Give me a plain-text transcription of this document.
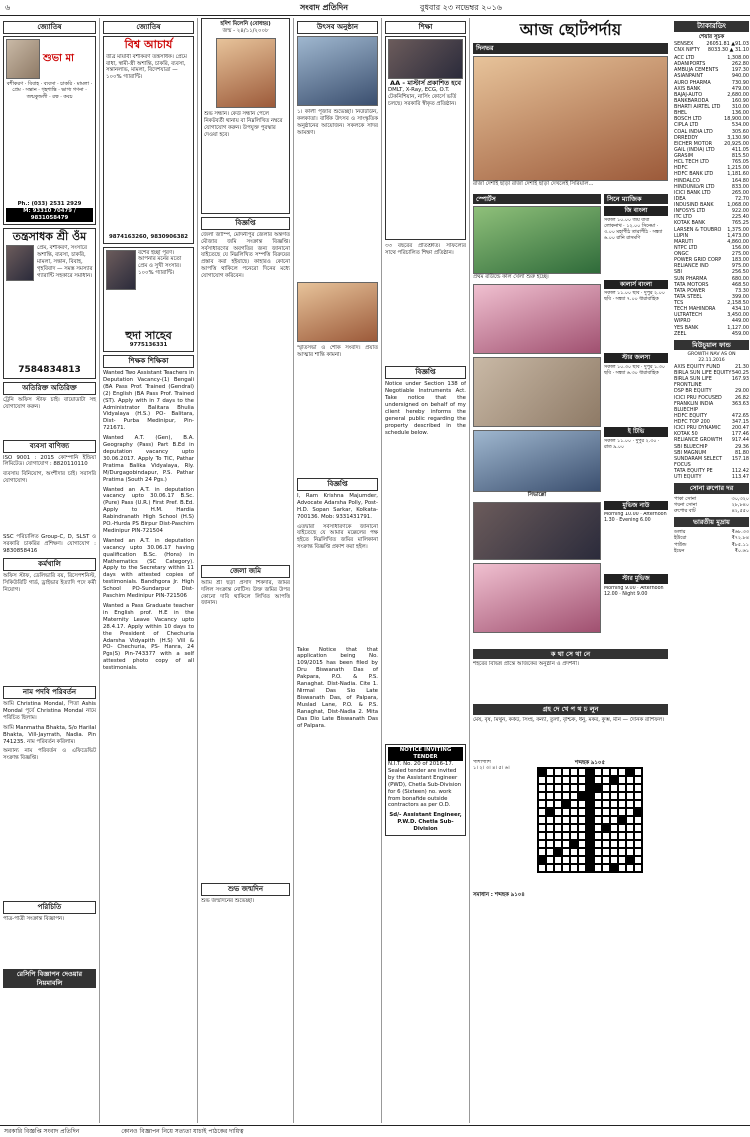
৬	সংবাদ প্রতিদিন	বুধবার ২৩ নভেম্বর ২০১৬
জ্যোতিষ
শুভা মা
বশীকরণ · বিবাহ · ব্যবসা · চাকরি · মামলা · প্রেম · সন্তান · গৃহশান্তি · ভাগ্য গণনা · জন্মকুন্ডলী · রত্ন · কবচ
Ph.: (033) 2531 2929
M: 93310 70479 / 9831058479
তন্ত্রসাধক শ্রী ওঁম
প্রেম, বশীকরণ, সংসারে অশান্তি, ব্যবসা, চাকরি, মামলা, সন্তান, বিবাহ, গৃহবিবাদ — সমস্ত সমস্যার গ্যারান্টি সহকারে সমাধান।
7584834813
অতিরিক্ত অতিরিক্ত
ট্রেনি অফিস স্টাফ চাই। বায়োডাটা সহ যোগাযোগ করুন।
ব্যবসা বাণিজ্য
ISO 9001 : 2015 কোম্পানি ইন্ডিয়া লিমিটেড। যোগাযোগ : 8820110110
ব্যবসায় বিনিয়োগ, অংশীদার চাই। সরাসরি যোগাযোগ।
SSC পরিচালিত Group-C, D, SLST ও সরকারি চাকরির প্রশিক্ষণ। যোগাযোগ : 9830858416
কর্মখালি
অফিস স্টাফ, ডেলিভারি বয়, রিসেপশনিস্ট, সিকিউরিটি গার্ড, ড্রাইভার ইত্যাদি পদে কর্মী নিয়োগ।
নাম পদবি পরিবর্তন
আমি Christina Mondal, পিতা Ashis Mondal পূর্বে Christina Mondal নামে পরিচিত ছিলাম।
আমি Manmatha Bhakta, S/o Harilal Bhakta, Vill-Jayrrath, Nadia. Pin 741235. নাম পরিবর্তন করিলাম।
অন্যান্য নাম পরিবর্তন ও এফিডেভিট সংক্রান্ত বিজ্ঞপ্তি।
পরিচিতি
পাত্র-পাত্রী সংক্রান্ত বিজ্ঞাপন।
রেসিপি বিজ্ঞাপন দেওয়ার নিয়মাবলি
জ্যোতিষ
বিশ্ব আচার্য
তীব্র মায়াবী বশীকরণ তন্ত্রসাধক। প্রেমে বাধা, স্বামী-স্ত্রী অশান্তি, চাকরি, ব্যবসা, সন্তানলাভ, মামলা, বিদেশযাত্রা — ১০০% গ্যারান্টি।
9874163260, 9830906382
বশের ইচ্ছা পূরণ। আপনার মনের মতো প্রেম ও সুখী সংসার। ১০০% গ্যারান্টি।
হুদা সাহেব
9775136331
শিক্ষক শিক্ষিকা
Wanted Two Assistant Teachers in Deputation Vacancy-(1) Bengali (BA Pass Prof. Trained (Gendral) (2) English (BA Pass Prof. Trained (ST). Apply with in 7 days to the Administrator Balitara Bhulia Vidyalaya (H.S.) PO- Balitara, Dist- Purba Medinipur, Pin- 721671.
Wanted A.T. (Gen), B.A. Geography (Pass) Part B.Ed in deputation vacancy upto 30.06.2017. Apply To TIC, Pathar Pratima Balika Vidyalaya, Rly. M/Durgagobindapur, P.S. Pathar Pratima (South 24 Pgs.)
Wanted an A.T. in deputation vacancy upto 30.06.17 B.Sc. (Pure) Pass (U.R.) First Pref. B.Ed. Apply to H.M. Hardia Rabindranath High School (H.S) PO.-Hurda PS Birpur Dist-Paschim Medinipur PIN-721504
Wanted an A.T. in deputation vacancy upto 30.06.17 having qualification B.Sc. (Hons) in Mathematics (SC Category). Apply to the Secretary within 11 days with attested copies of testimonials. Bandhgora Jr. High School PO-Sundarpur Dist-Paschim Medinipur PIN-721506
Wanted a Pass Graduate teacher in English prof. H.E in the Maternity Leave Vacancy upto 28.4.17. Apply within 10 days to the President of Chechuria Adarsha Vidyapith (H.S) Vill & PO- Chechuria, PS- Hanra, 24 Pgs(S) Pin-743377 with a self attested photo copy of all testimonials.
হদিশ মিলেনি (বোধহয়)
জন্ম - ২৪/১১/২০০৮
শুভ সন্ধান। কেউ সন্ধান পেলে নিকটবর্তী থানায় বা নিম্নলিখিত নম্বরে যোগাযোগ করুন। উপযুক্ত পুরস্কার দেওয়া হবে।
বিজ্ঞপ্তি
জেলা জাম্পি, মেদিনীপুর জেলার অন্তর্গত মৌজার জমি সংক্রান্ত বিজ্ঞপ্তি। সর্বসাধারণের অবগতির জন্য জানানো যাইতেছে যে নিম্নলিখিত সম্পত্তি বিক্রয়ের প্রস্তাব করা হইয়াছে। কাহারও কোনো আপত্তি থাকিলে পনেরো দিনের মধ্যে যোগাযোগ করিবেন।
জেলা জমি
আমি শ্রী ছড়া প্রসাদ শিকদার, জমির দলিল সংক্রান্ত নোটিস। উক্ত জমির উপর কোনো দাবি থাকিলে লিখিত আপত্তি জানান।
শুভ জন্মদিন
শুভ জন্মদিনের শুভেচ্ছা।
উৎসব অনুষ্ঠান
১। কালী পূজার শুভেচ্ছা। নিউটাউন, কলকাতা। বার্ষিক উৎসব ও সাংস্কৃতিক অনুষ্ঠানের আয়োজন। সকলকে সাদর আমন্ত্রণ।
স্মৃতিসভা ও শোক সংবাদ। প্রয়াত আত্মার শান্তি কামনা।
বিজ্ঞপ্তি
I, Ram Krishna Majumder, Advocate Adarsha Polly, Post-H.D. Sopan Sarkar, Kolkata-700136. Mob: 9331431791.
এতদ্বারা সর্বসাধারণকে জানানো যাইতেছে যে আমার মক্কেলের পক্ষ হইতে নিম্নলিখিত জমির মালিকানা সংক্রান্ত বিজ্ঞপ্তি প্রকাশ করা হইল।
Take Notice that that application being No. 109/2015 has been filed by Dru Biswanath Das of Pakpara, P.O. & P.S. Ranaghat. Dist-Nadia. Cite 1. Nirmal Das Sio Late Biswanath Das, of Palpara, Muslad Lane, P.O. & P.S. Ranaghat, Dist-Nadia 2. Mita Das Dio Late Biswanath Das of Palpara.
শিক্ষা
AA - মাস্টার্স প্রকাশিত হবে
DMLT, X-Ray, ECG, O.T. টেকনিশিয়ান, নার্সিং কোর্সে ভর্তি চলছে। সরকারি স্বীকৃত প্রতিষ্ঠান।
৩৩ বছরের প্রতিশ্রুতি। সাফল্যের সাথে পরিচালিত শিক্ষা প্রতিষ্ঠান।
বিজ্ঞপ্তি
Notice under Section 138 of Negotiable Instruments Act. Take notice that the undersigned on behalf of my client hereby informs the general public regarding the property described in the schedule below.
NOTICE INVITING TENDER
N.I.T. No. 20 of 2016-17. Sealed tender are invited by the Assistant Engineer (PWD), Chetla Sub-Division for 6 (Sixteen) no. work from bonafide outside contractors as per O.D.
Sd/- Assistant Engineer, P.W.D. Chetla Sub-Division
আজ ছোটপর্দায়
দিনভর
রাজা দেশাই ছাড়া রাজা দেশাই ছাড়া দেখলেই সিরিয়াল...
স্পোর্টস
প্রথম রাউন্ডে কাল খেলা শুরু হচ্ছে।
সিভাল্লো
সিনে ম্যাজিক
জি বাংলা
সকাল ১০.০০ জয় বাবা লোকনাথ · ১২.০০ সিনেমা · ৩.০০ মহাপীঠ তারাপীঠ · সন্ধ্যা ৬.০০ রানি রাসমণি
কালার্স বাংলা
সকাল ১১.০০ ছবি · দুপুর ২.০০ ছবি · সন্ধ্যা ৭.০০ ধারাবাহিক
স্টার জলসা
সকাল ১০.৩০ ছবি · দুপুর ১.৩০ ছবি · সন্ধ্যা ৬.৩০ ধারাবাহিক
ই টিভি
সকাল ১১.০০ · দুপুর ২.৩০ · রাত ৯.০০
মুভিজ নাউ
Morning 10.00 · Afternoon 1.30 · Evening 6.00
স্টার মুভিজ
Morning 9.00 · Afternoon 12.00 · Night 9.00
ক থা সে থা নে
শহরের বিভিন্ন প্রান্তে আজকের অনুষ্ঠান ও প্রদর্শনী।
গ্রহ দে খে প থ চ লুন
মেষ, বৃষ, মিথুন, কর্কট, সিংহ, কন্যা, তুলা, বৃশ্চিক, ধনু, মকর, কুম্ভ, মীন — দৈনিক রাশিফল।
পাশাপাশি
১। ২। ৩। ৪। ৫। ৬।
শব্দছক ৯১০৫
সমাধান : শব্দছক ৯১০৪
ট্যাকারডিং
শেয়ার সূচক
SENSEX	26051.81 ▲91.03
CNX NIFTY 8033.30 ▲ 31.10
ACC LTD	1,308.00
ADANIPORTS	262.80
AMBUJA CEMENTS	197.30
ASIANPAINT	940.00
AURO PHARMA	730.90
AXIS BANK	479.00
BAJAJ-AUTO	2,680.00
BANKBARODA	160.90
BHARTI AIRTEL LTD 310.00
BHEL	136.00
BOSCH LTD	18,900.00
CIPLA LTD	534.00
COAL INDIA LTD	305.60
DRREDDY	3,130.90
EICHER MOTOR 20,925.00
GAIL (INDIA) LTD	411.05
GRASIM	815.50
HCL TECH LTD	765.05
HDFC	1,215.00
HDFC BANK LTD	1,181.60
HINDALCO	164.80
HINDUNILVR LTD	833.00
ICICI BANK LTD	265.00
IDEA	72.70
INDUSIND BANK	1,068.00
INFOSYS LTD	922.00
ITC LTD	225.40
KOTAK BANK	765.25
LARSEN & TOUBRO 1,375.00
LUPIN	1,473.00
MARUTI	4,860.00
NTPC LTD	156.00
ONGC	275.00
POWER GRID CORP 183.00
RELIANCE IND	975.00
SBI	256.50
SUN PHARMA	680.00
TATA MOTORS	468.50
TATA POWER	73.30
TATA STEEL	399.00
TCS	2,158.50
TECH MAHINDRA	434.10
ULTRATECH	3,450.00
WIPRO	449.00
YES BANK	1,127.00
ZEEL	459.00
মিউচুয়াল ফান্ড
GROWTH NAV AS ON 22.11.2016
AXIS EQUITY FUND	21.30
BIRLA SUN LIFE EQUITY 540.25
BIRLA SUN LIFE FRONTLINE
167.93
DSP BR EQUITY	29.00
ICICI PRU FOCUSED	26.82
FRANKLIN INDIA BLUECHIP
363.63
HDFC EQUITY	472.65
HDFC TOP 200	347.15
ICICI PRU DYNAMIC 200.47
KOTAK 50	177.46
RELIANCE GROWTH 917.44
SBI BLUECHIP	29.36
SBI MAGNUM	81.80
SUNDARAM SELECT FOCUS
157.18
TATA EQUITY PE	112.42
UTI EQUITY	113.47
সোনা রুপোর দর
পাকা সোনা	৩০,৩২০
গয়না সোনা	২৮,৮৪০
রুপোর বাট	৪২,৫৫০
ভারতীয় মুদ্রায়
ডলার	₹৬৮.৩৩
ইউরো	₹৭২.৮৪
পাউন্ড	₹৮৫.১১
ইয়েন	₹০.৬১
সরকারি বিজ্ঞপ্তি সংবাদ প্রতিদিন	কোনও বিজ্ঞাপন নিয়ে সত্যতা যাচাই পাঠকের দায়িত্ব
